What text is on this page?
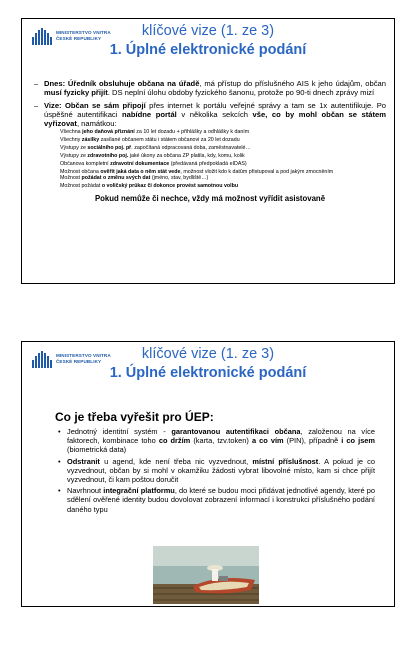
MINISTERSTVO VNITRA
ČESKÉ REPUBLIKY	klíčové vize (1. ze 3)
1. Úplné elektronické podání
– Dnes: Úředník obsluhuje občana na úřadě, má přístup do příslušného AIS k jeho údajům, občan musí fyzicky přijít. DS neplní úlohu obdoby fyzického šanonu, protože po 90-ti dnech zprávy mizí
– Vize: Občan se sám připojí přes internet k portálu veřejné správy a tam se 1x autentifikuje. Po úspěšné autentifikaci nabídne portál v několika sekcích vše, co by mohl občan se státem vyřizovat, namátkou:
• Všechna jeho daňová přiznání za 10 let dozadu + přihlášky a odhlášky k daním
• Všechny zásilky zasílané občanem státu i státem občanovi za 20 let dozadu
• Výstupy ze sociálního poj. př. započítaná odpracovaná doba, zaměstnavatelé…
• Výstupy ze zdravotního poj. jaké úkony za občana ZP platila, kdy, komu, kolik
• Občanova kompletní zdravotní dokumentace (předávaná předpokladá eIDAS)
• Možnost občana ověřit jaká data o něm stát vede, možnost vložit kdo k datům přistupoval a pod jakým zmocněním
• Možnost požádat o změnu svých dat (jméno, stav, bydliště…)
• Možnost požádat o voličský průkaz či dokonce provést samotnou volbu
Pokud nemůže či nechce, vždy má možnost vyřídit asistovaně
MINISTERSTVO VNITRA
ČESKÉ REPUBLIKY	klíčové vize (1. ze 3)
1. Úplné elektronické podání
Co je třeba vyřešit pro ÚEP:
• Jednotný identitní systém - garantovanou autentifikaci občana, založenou na více faktorech, kombinace toho co držím (karta, tzv.token) a co vím (PIN), případně i co jsem (biometrická data)
• Odstranit u agend, kde není třeba nic vyzvednout, místní příslušnost. A pokud je co vyzvednout, občan by si mohl v okamžiku žádosti vybrat libovolné místo, kam si chce přijít vyzvednout, či kam poštou doručit
• Navrhnout integrační platformu, do které se budou moci přidávat jednotlivé agendy, které po sdělení ověřené identity budou dovolovat zobrazení informací i konstrukci příslušného podání daného typu
